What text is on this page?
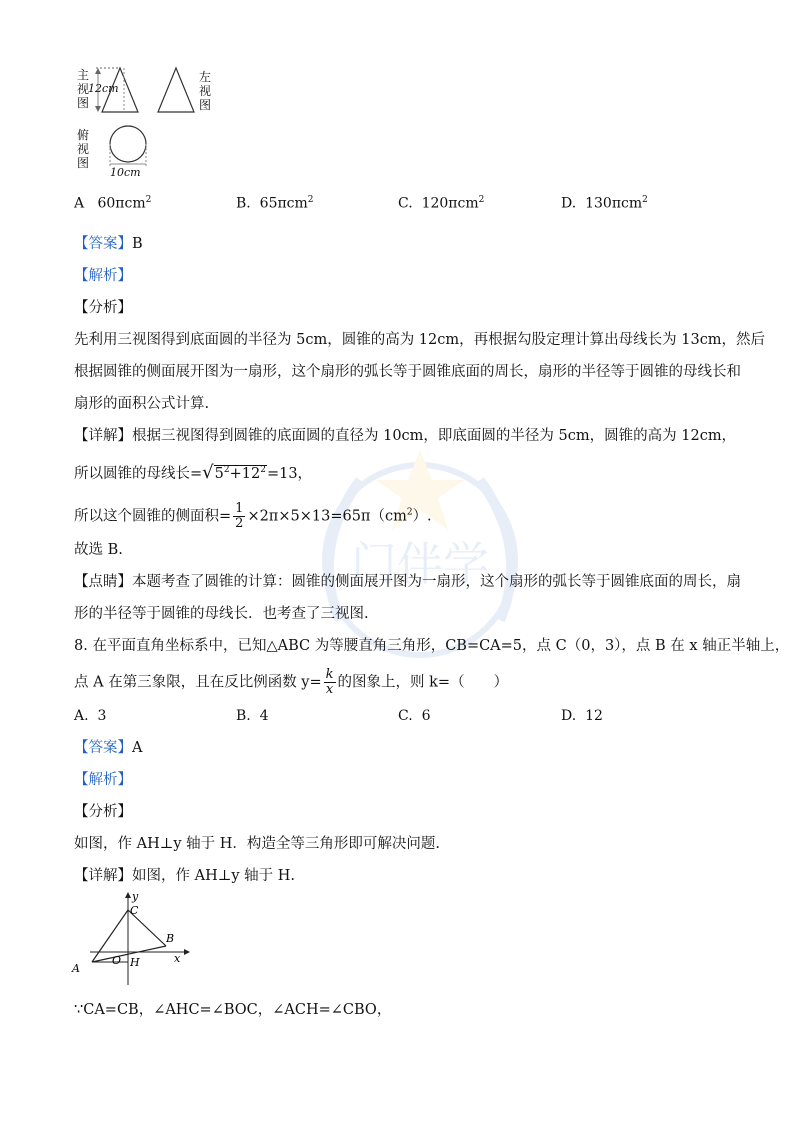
门伴学
主
视
图
左
视
图
俯
视
图
12cm
10cm
A 60πcm$^2$	B. 65πcm$^2$	C. 120πcm$^2$	D. 130πcm$^2$
【答案】B
【解析】
【分析】
先利用三视图得到底面圆的半径为 5cm，圆锥的高为 12cm，再根据勾股定理计算出母线长为 13cm，然后
根据圆锥的侧面展开图为一扇形，这个扇形的弧长等于圆锥底面的周长，扇形的半径等于圆锥的母线长和
扇形的面积公式计算.
【详解】根据三视图得到圆锥的底面圆的直径为 10cm，即底面圆的半径为 5cm，圆锥的高为 12cm，
所以圆锥的母线长$=√5^2+12^2=13$，
所以这个圆锥的侧面积= $\frac{1}{2} \times 2\pi\times 5\times 13=65\pi(cm^2)$.
故选 B.
【点睛】本题考查了圆锥的计算：圆锥的侧面展开图为一扇形，这个扇形的弧长等于圆锥底面的周长，扇
形的半径等于圆锥的母线长．也考查了三视图.
8. 在平面直角坐标系中，已知△ABC 为等腰直角三角形，CB=CA=5，点 C（0，3），点 B 在 x 轴正半轴上，
点 A 在第三象限，且在反比例函数 $y= \frac{k}{x}$ 的图象上，则 k=（　　）
A. 3	B. 4	C. 6	D. 12
【答案】A
【解析】
【分析】
如图，作 AH⊥y 轴于 H．构造全等三角形即可解决问题.
【详解】如图，作 AH⊥y 轴于 H.
y
C
B
x
A
O H
∵CA=CB，∠AHC=∠BOC，∠ACH=∠CBO，
